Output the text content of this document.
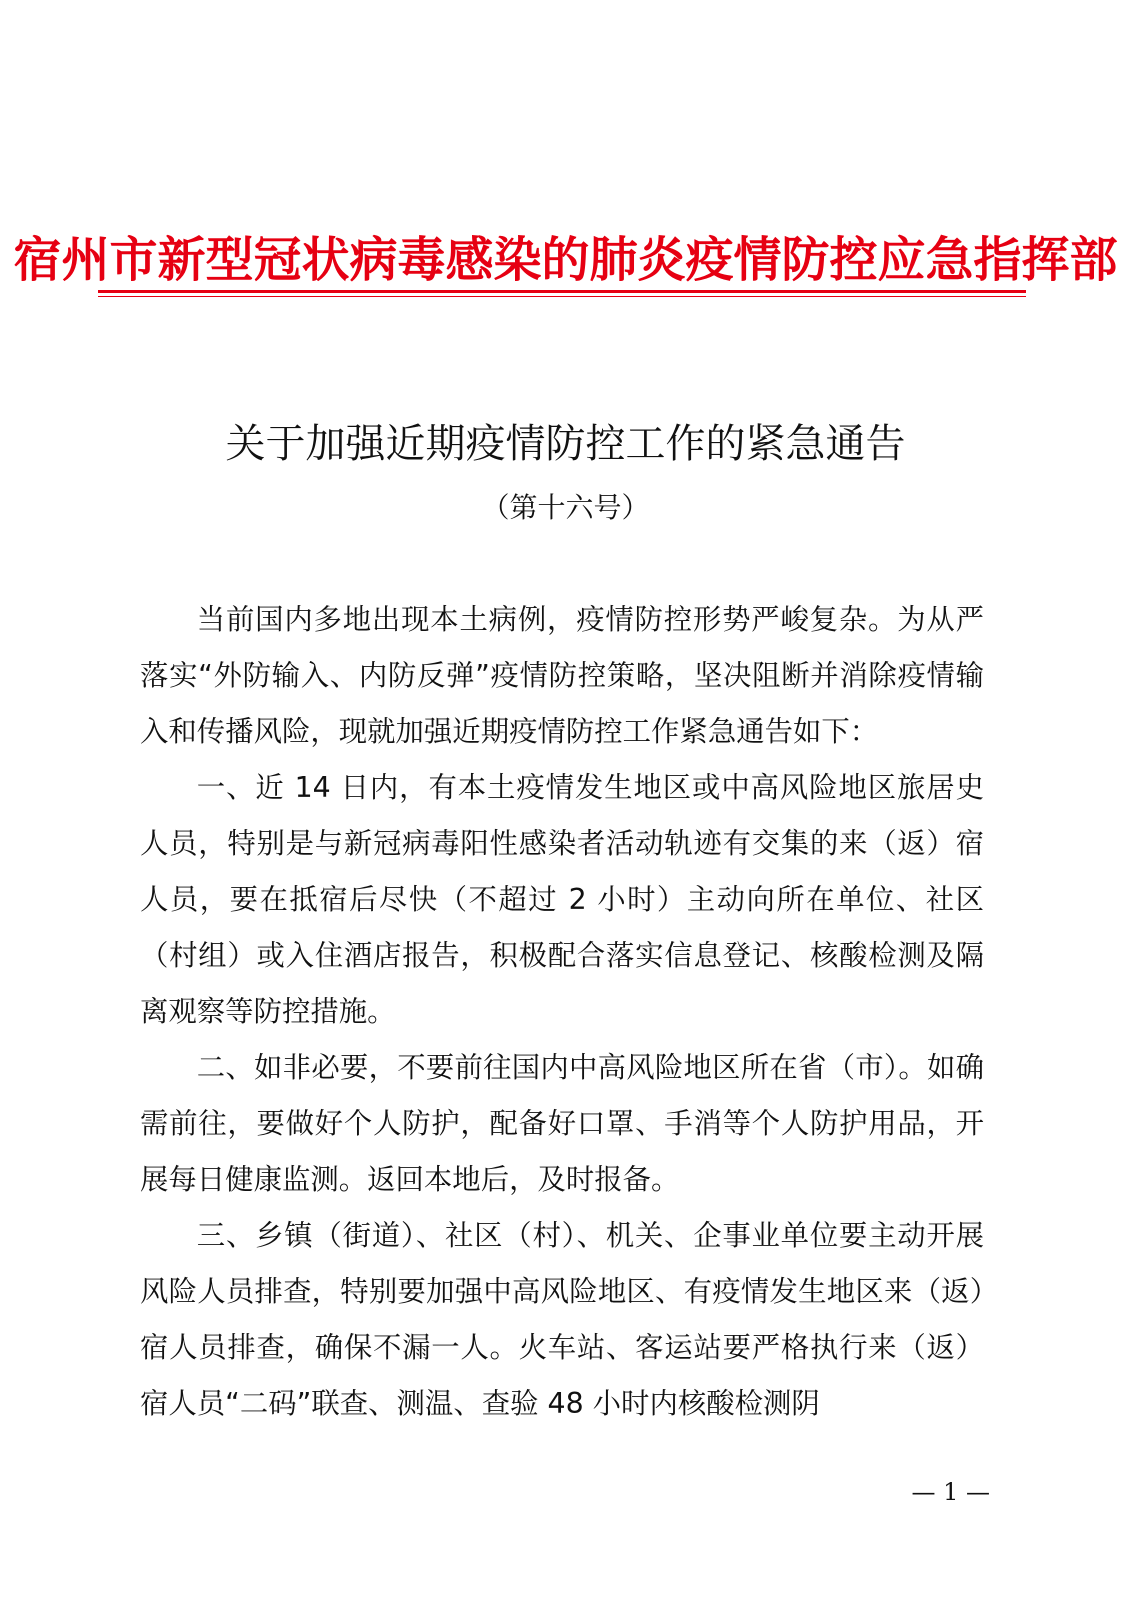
宿州市新型冠状病毒感染的肺炎疫情防控应急指挥部
关于加强近期疫情防控工作的紧急通告
（第十六号）

当前国内多地出现本土病例，疫情防控形势严峻复杂。为从严落实“外防输入、内防反弹”疫情防控策略，坚决阻断并消除疫情输入和传播风险，现就加强近期疫情防控工作紧急通告如下：

一、近 14 日内，有本土疫情发生地区或中高风险地区旅居史人员，特别是与新冠病毒阳性感染者活动轨迹有交集的来（返）宿人员，要在抵宿后尽快（不超过 2 小时）主动向所在单位、社区（村组）或入住酒店报告，积极配合落实信息登记、核酸检测及隔离观察等防控措施。

二、如非必要，不要前往国内中高风险地区所在省（市）。如确需前往，要做好个人防护，配备好口罩、手消等个人防护用品，开展每日健康监测。返回本地后，及时报备。

三、乡镇（街道）、社区（村）、机关、企事业单位要主动开展风险人员排查，特别要加强中高风险地区、有疫情发生地区来（返）宿人员排查，确保不漏一人。火车站、客运站要严格执行来（返）宿人员“二码”联查、测温、查验 48 小时内核酸检测阴

— 1 —
